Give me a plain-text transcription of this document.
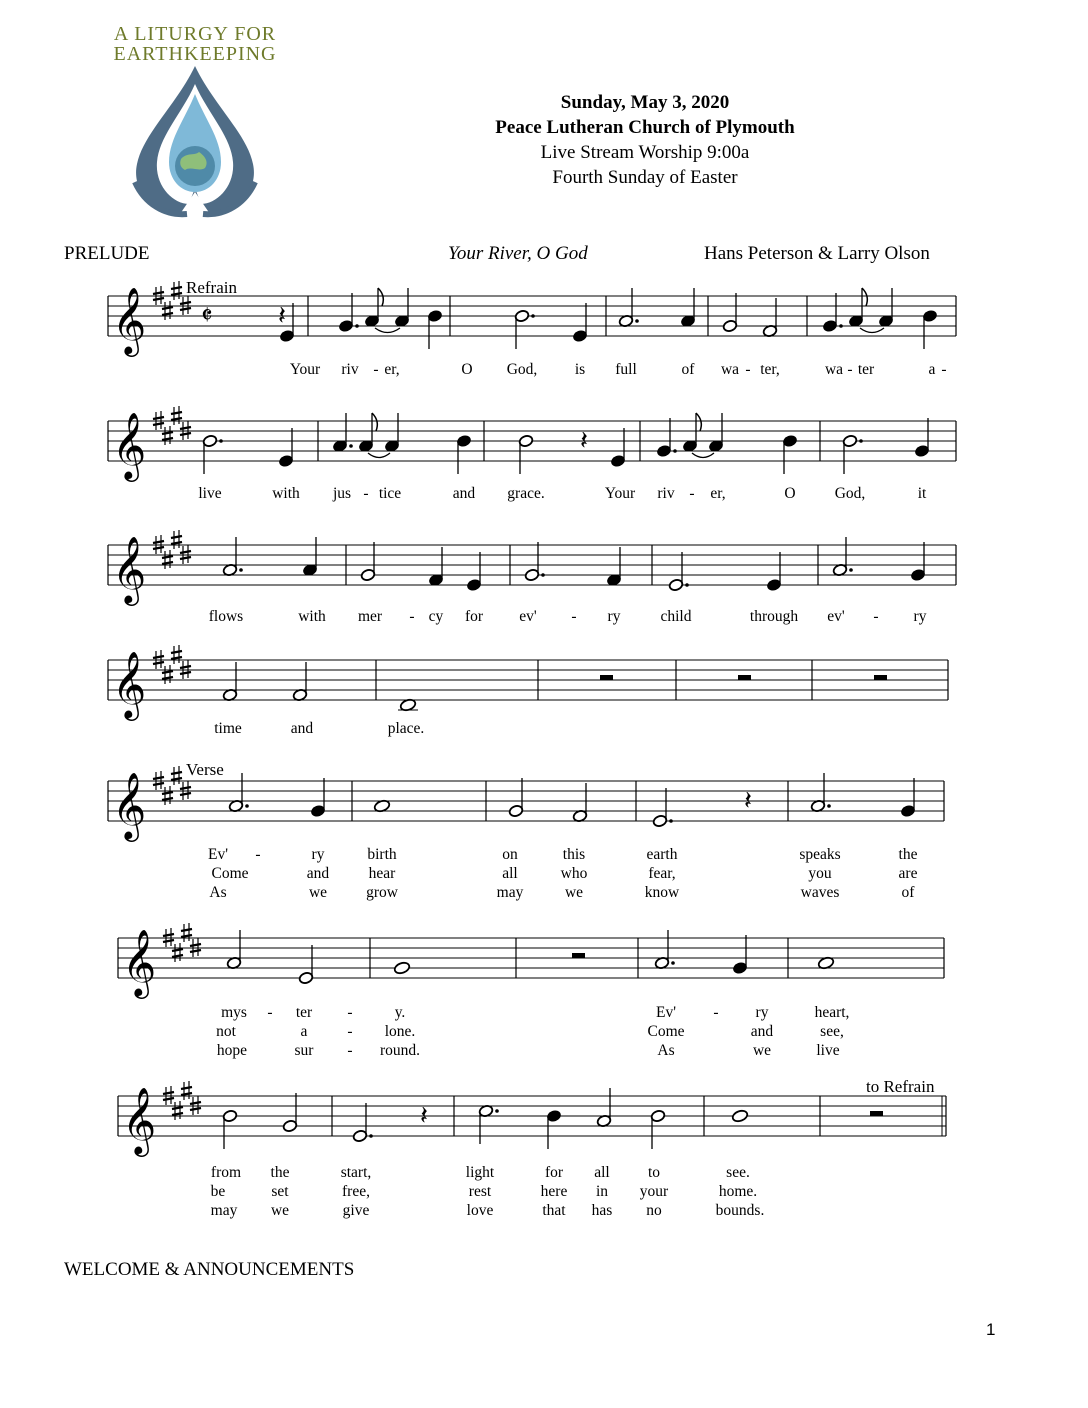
A LITURGY FOR
EARTHKEEPING
Sunday, May 3, 2020
Peace Lutheran Church of Plymouth
Live Stream Worship 9:00a
Fourth Sunday of Easter
PRELUDE	Your River, O God	Hans Peterson & Larry Olson
𝄞 𝄵	𝄽
𝄞	𝄽
𝄞
𝄞
𝄞	𝄽
𝄞
𝄞	𝄽
Refrain
Verse
to Refrain
Your riv - er,	O God, is full	of wa - ter,	wa - ter	a -
live	with jus - tice	and grace.	Your riv - er,	O	God,	it
flows	with mer - cy for ev' - ry	child	through ev' - ry
time	and	place.
Ev' -	ry	birth	on	this	earth	speaks	the
Come	and	hear	all	who	fear,	you	are
As	we	grow	may	we	know	waves	of
mys - ter -	y.	Ev' - ry	heart,
not	a	- lone.	Come	and	see,
hope	sur - round.	As	we	live
from the	start,	light	for all to	see.
be	set	free,	rest	here in your	home.
may we	give	love	that has no	bounds.
WELCOME & ANNOUNCEMENTS
1
